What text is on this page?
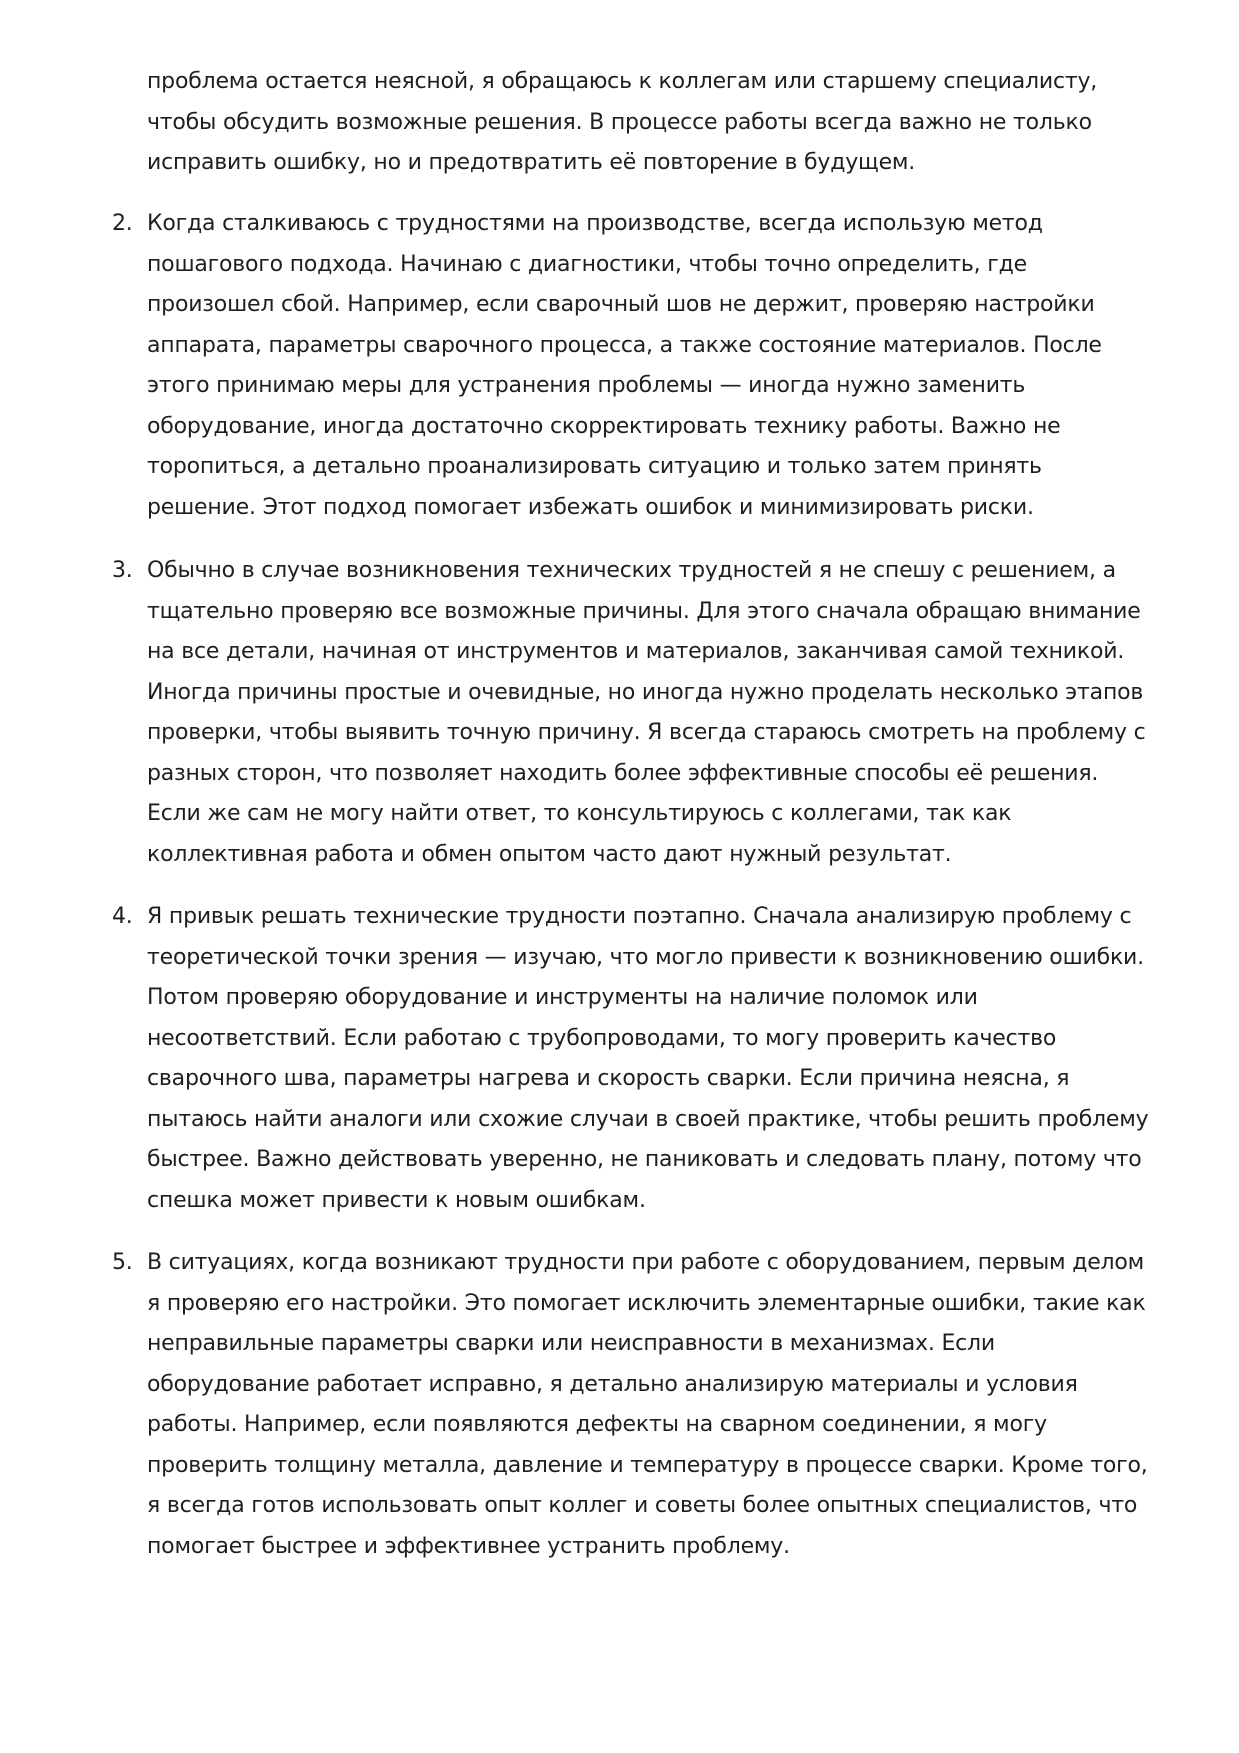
проблема остается неясной, я обращаюсь к коллегам или старшему специалисту, чтобы обсудить возможные решения. В процессе работы всегда важно не только исправить ошибку, но и предотвратить её повторение в будущем.

2. Когда сталкиваюсь с трудностями на производстве, всегда использую метод пошагового подхода. Начинаю с диагностики, чтобы точно определить, где произошел сбой. Например, если сварочный шов не держит, проверяю настройки аппарата, параметры сварочного процесса, а также состояние материалов. После этого принимаю меры для устранения проблемы — иногда нужно заменить оборудование, иногда достаточно скорректировать технику работы. Важно не торопиться, а детально проанализировать ситуацию и только затем принять решение. Этот подход помогает избежать ошибок и минимизировать риски.
3. Обычно в случае возникновения технических трудностей я не спешу с решением, а тщательно проверяю все возможные причины. Для этого сначала обращаю внимание на все детали, начиная от инструментов и материалов, заканчивая самой техникой. Иногда причины простые и очевидные, но иногда нужно проделать несколько этапов проверки, чтобы выявить точную причину. Я всегда стараюсь смотреть на проблему с разных сторон, что позволяет находить более эффективные способы её решения. Если же сам не могу найти ответ, то консультируюсь с коллегами, так как коллективная работа и обмен опытом часто дают нужный результат.
4. Я привык решать технические трудности поэтапно. Сначала анализирую проблему с теоретической точки зрения — изучаю, что могло привести к возникновению ошибки. Потом проверяю оборудование и инструменты на наличие поломок или несоответствий. Если работаю с трубопроводами, то могу проверить качество сварочного шва, параметры нагрева и скорость сварки. Если причина неясна, я пытаюсь найти аналоги или схожие случаи в своей практике, чтобы решить проблему быстрее. Важно действовать уверенно, не паниковать и следовать плану, потому что спешка может привести к новым ошибкам.
5. В ситуациях, когда возникают трудности при работе с оборудованием, первым делом я проверяю его настройки. Это помогает исключить элементарные ошибки, такие как неправильные параметры сварки или неисправности в механизмах. Если оборудование работает исправно, я детально анализирую материалы и условия работы. Например, если появляются дефекты на сварном соединении, я могу проверить толщину металла, давление и температуру в процессе сварки. Кроме того, я всегда готов использовать опыт коллег и советы более опытных специалистов, что помогает быстрее и эффективнее устранить проблему.
